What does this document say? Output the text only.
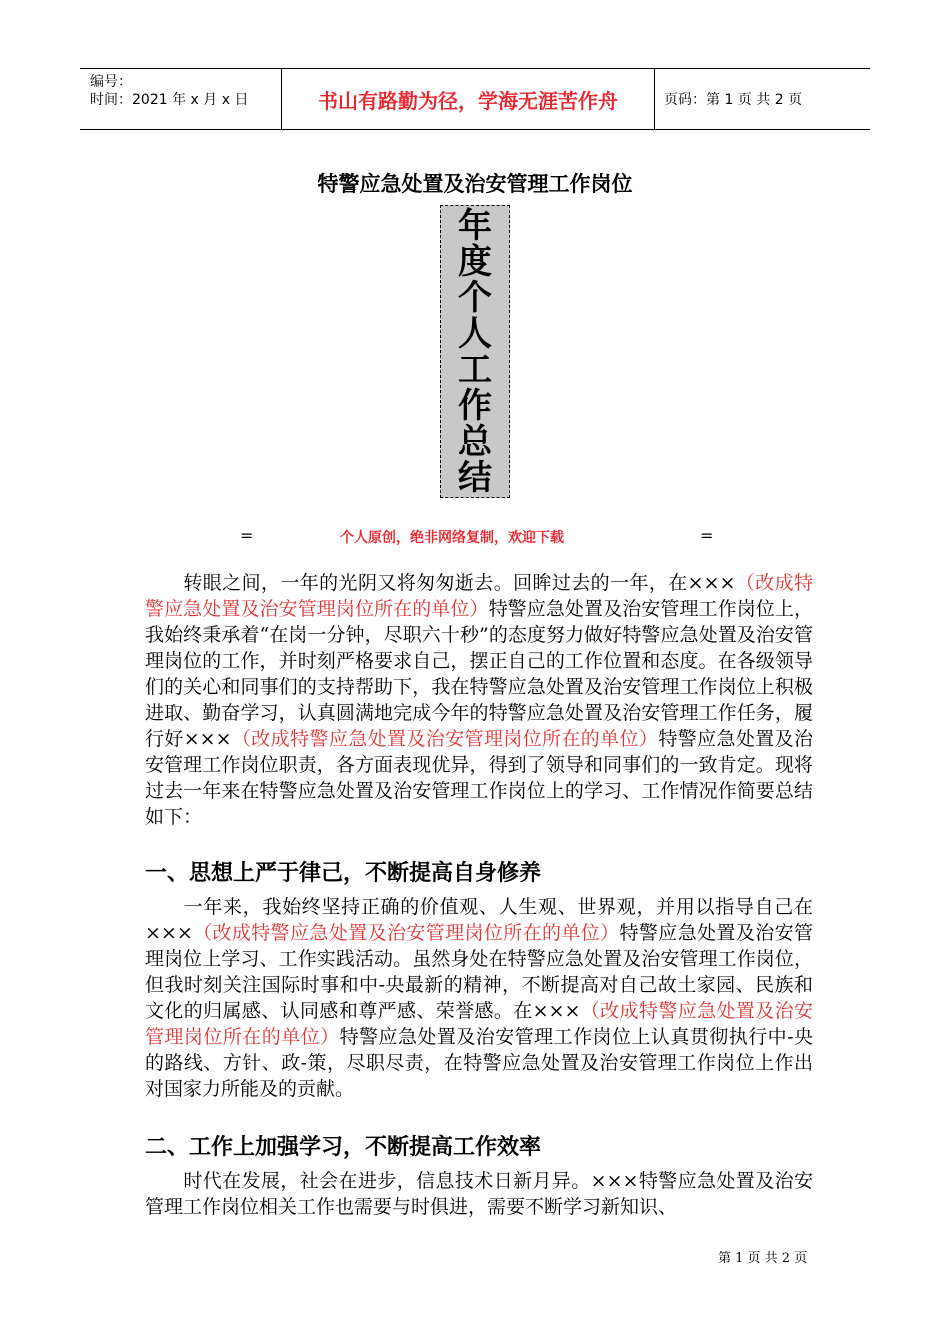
编号：
时间：2021 年 x 月 x 日	书山有路勤为径，学海无涯苦作舟	页码：第 1 页 共 2 页
特警应急处置及治安管理工作岗位
年
度
个
人
工
作
总
结
=	个人原创，绝非网络复制，欢迎下载	=

转眼之间，一年的光阴又将匆匆逝去。回眸过去的一年，在×××（改成特警应急处置及治安管理岗位所在的单位）特警应急处置及治安管理工作岗位上，我始终秉承着“在岗一分钟，尽职六十秒”的态度努力做好特警应急处置及治安管理岗位的工作，并时刻严格要求自己，摆正自己的工作位置和态度。在各级领导们的关心和同事们的支持帮助下，我在特警应急处置及治安管理工作岗位上积极进取、勤奋学习，认真圆满地完成今年的特警应急处置及治安管理工作任务，履行好×××（改成特警应急处置及治安管理岗位所在的单位）特警应急处置及治安管理工作岗位职责，各方面表现优异，得到了领导和同事们的一致肯定。现将过去一年来在特警应急处置及治安管理工作岗位上的学习、工作情况作简要总结如下：

一、思想上严于律己，不断提高自身修养

一年来，我始终坚持正确的价值观、人生观、世界观，并用以指导自己在×××（改成特警应急处置及治安管理岗位所在的单位）特警应急处置及治安管理岗位上学习、工作实践活动。虽然身处在特警应急处置及治安管理工作岗位，但我时刻关注国际时事和中-央最新的精神，不断提高对自己故土家园、民族和文化的归属感、认同感和尊严感、荣誉感。在×××（改成特警应急处置及治安管理岗位所在的单位）特警应急处置及治安管理工作岗位上认真贯彻执行中-央的路线、方针、政-策，尽职尽责，在特警应急处置及治安管理工作岗位上作出对国家力所能及的贡献。

二、工作上加强学习，不断提高工作效率

时代在发展，社会在进步，信息技术日新月异。×××特警应急处置及治安管理工作岗位相关工作也需要与时俱进，需要不断学习新知识、

第 1 页 共 2 页
